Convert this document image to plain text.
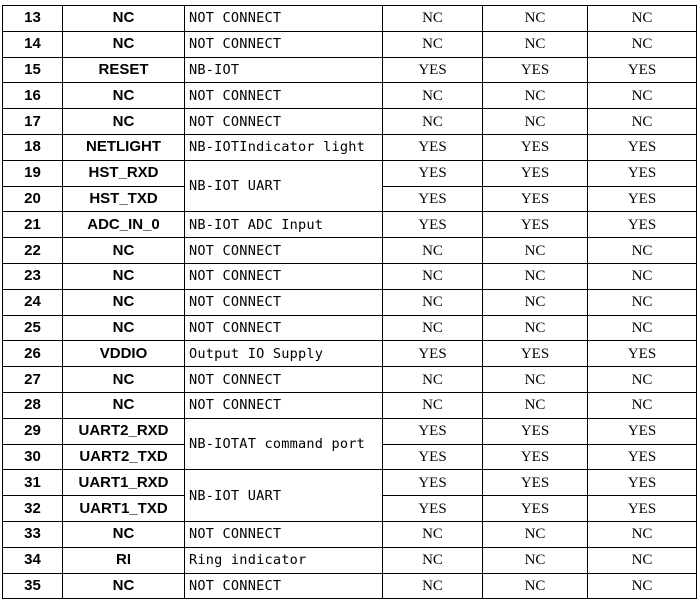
13	NC	NOT CONNECT	NC	NC	NC
14	NC	NOT CONNECT	NC	NC	NC
15	RESET	NB-IOT	YES	YES	YES
16	NC	NOT CONNECT	NC	NC	NC
17	NC	NOT CONNECT	NC	NC	NC
18	NETLIGHT	NB-IOTIndicator light	YES	YES	YES
19	HST_RXD	NB-IOT UART	YES	YES	YES
20	HST_TXD		YES	YES	YES
21	ADC_IN_0	NB-IOT ADC Input	YES	YES	YES
22	NC	NOT CONNECT	NC	NC	NC
23	NC	NOT CONNECT	NC	NC	NC
24	NC	NOT CONNECT	NC	NC	NC
25	NC	NOT CONNECT	NC	NC	NC
26	VDDIO	Output IO Supply	YES	YES	YES
27	NC	NOT CONNECT	NC	NC	NC
28	NC	NOT CONNECT	NC	NC	NC
29	UART2_RXD	NB-IOTAT command port	YES	YES	YES
30	UART2_TXD		YES	YES	YES
31	UART1_RXD	NB-IOT UART	YES	YES	YES
32	UART1_TXD		YES	YES	YES
33	NC	NOT CONNECT	NC	NC	NC
34	RI	Ring indicator	NC	NC	NC
35	NC	NOT CONNECT	NC	NC	NC
